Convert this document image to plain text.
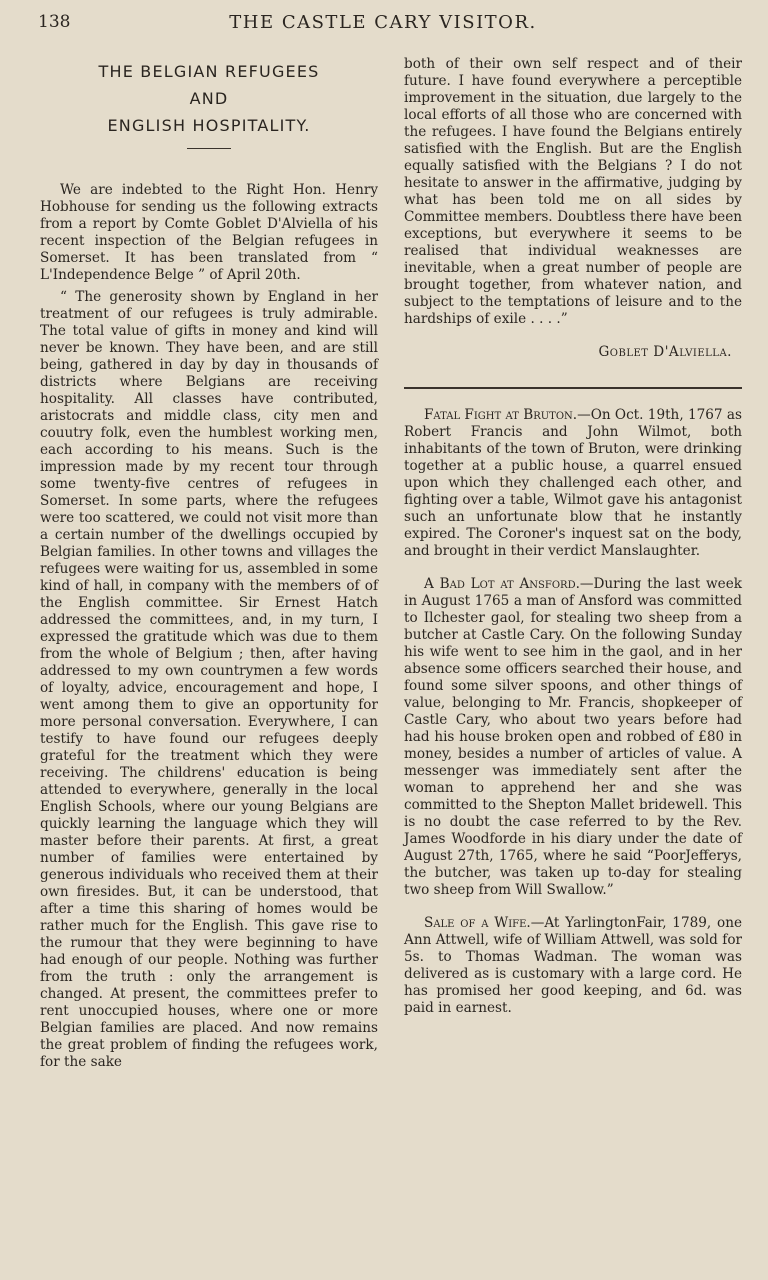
138	THE CASTLE CARY VISITOR.
THE BELGIAN REFUGEES
AND
ENGLISH HOSPITALITY.

We are indebted to the Right Hon. Henry Hobhouse for sending us the following extracts from a report by Comte Goblet D'Alviella of his recent inspection of the Belgian refugees in Somerset. It has been translated from “ L'Independence Belge ” of April 20th.

“ The generosity shown by England in her treatment of our refugees is truly admirable. The total value of gifts in money and kind will never be known. They have been, and are still being, gathered in day by day in thousands of districts where Belgians are receiving hospitality. All classes have contributed, aristocrats and middle class, city men and couutry folk, even the humblest working men, each according to his means. Such is the impression made by my recent tour through some twenty-five centres of refugees in Somerset. In some parts, where the refugees were too scattered, we could not visit more than a certain number of the dwellings occupied by Belgian families. In other towns and villages the refugees were waiting for us, assembled in some kind of hall, in company with the members of of the English committee. Sir Ernest Hatch addressed the committees, and, in my turn, I expressed the gratitude which was due to them from the whole of Belgium ; then, after having addressed to my own countrymen a few words of loyalty, advice, encouragement and hope, I went among them to give an opportunity for more personal conversation. Everywhere, I can testify to have found our refugees deeply grateful for the treatment which they were receiving. The childrens' education is being attended to everywhere, generally in the local English Schools, where our young Belgians are quickly learning the language which they will master before their parents. At first, a great number of families were entertained by generous individuals who received them at their own firesides. But, it can be understood, that after a time this sharing of homes would be rather much for the English. This gave rise to the rumour that they were beginning to have had enough of our people. Nothing was further from the truth : only the arrangement is changed. At present, the committees prefer to rent unoccupied houses, where one or more Belgian families are placed. And now remains the great problem of finding the refugees work, for the sake

both of their own self respect and of their future. I have found everywhere a perceptible improvement in the situation, due largely to the local efforts of all those who are concerned with the refugees. I have found the Belgians entirely satisfied with the English. But are the English equally satisfied with the Belgians ? I do not hesitate to answer in the affirmative, judging by what has been told me on all sides by Committee members. Doubtless there have been exceptions, but everywhere it seems to be realised that individual weaknesses are inevitable, when a great number of people are brought together, from whatever nation, and subject to the temptations of leisure and to the hardships of exile . . . .”

Goblet D'Alviella.

Fatal Fight at Bruton.—On Oct. 19th, 1767 as Robert Francis and John Wilmot, both inhabitants of the town of Bruton, were drinking together at a public house, a quarrel ensued upon which they challenged each other, and fighting over a table, Wilmot gave his antagonist such an unfortunate blow that he instantly expired. The Coroner's inquest sat on the body, and brought in their verdict Manslaughter.

A Bad Lot at Ansford.—During the last week in August 1765 a man of Ansford was committed to Ilchester gaol, for stealing two sheep from a butcher at Castle Cary. On the following Sunday his wife went to see him in the gaol, and in her absence some officers searched their house, and found some silver spoons, and other things of value, belonging to Mr. Francis, shopkeeper of Castle Cary, who about two years before had had his house broken open and robbed of £80 in money, besides a number of articles of value. A messenger was immediately sent after the woman to apprehend her and she was committed to the Shepton Mallet bridewell. This is no doubt the case referred to by the Rev. James Woodforde in his diary under the date of August 27th, 1765, where he said “PoorJefferys, the butcher, was taken up to-day for stealing two sheep from Will Swallow.”

Sale of a Wife.—At YarlingtonFair, 1789, one Ann Attwell, wife of William Attwell, was sold for 5s. to Thomas Wadman. The woman was delivered as is customary with a large cord. He has promised her good keeping, and 6d. was paid in earnest.
